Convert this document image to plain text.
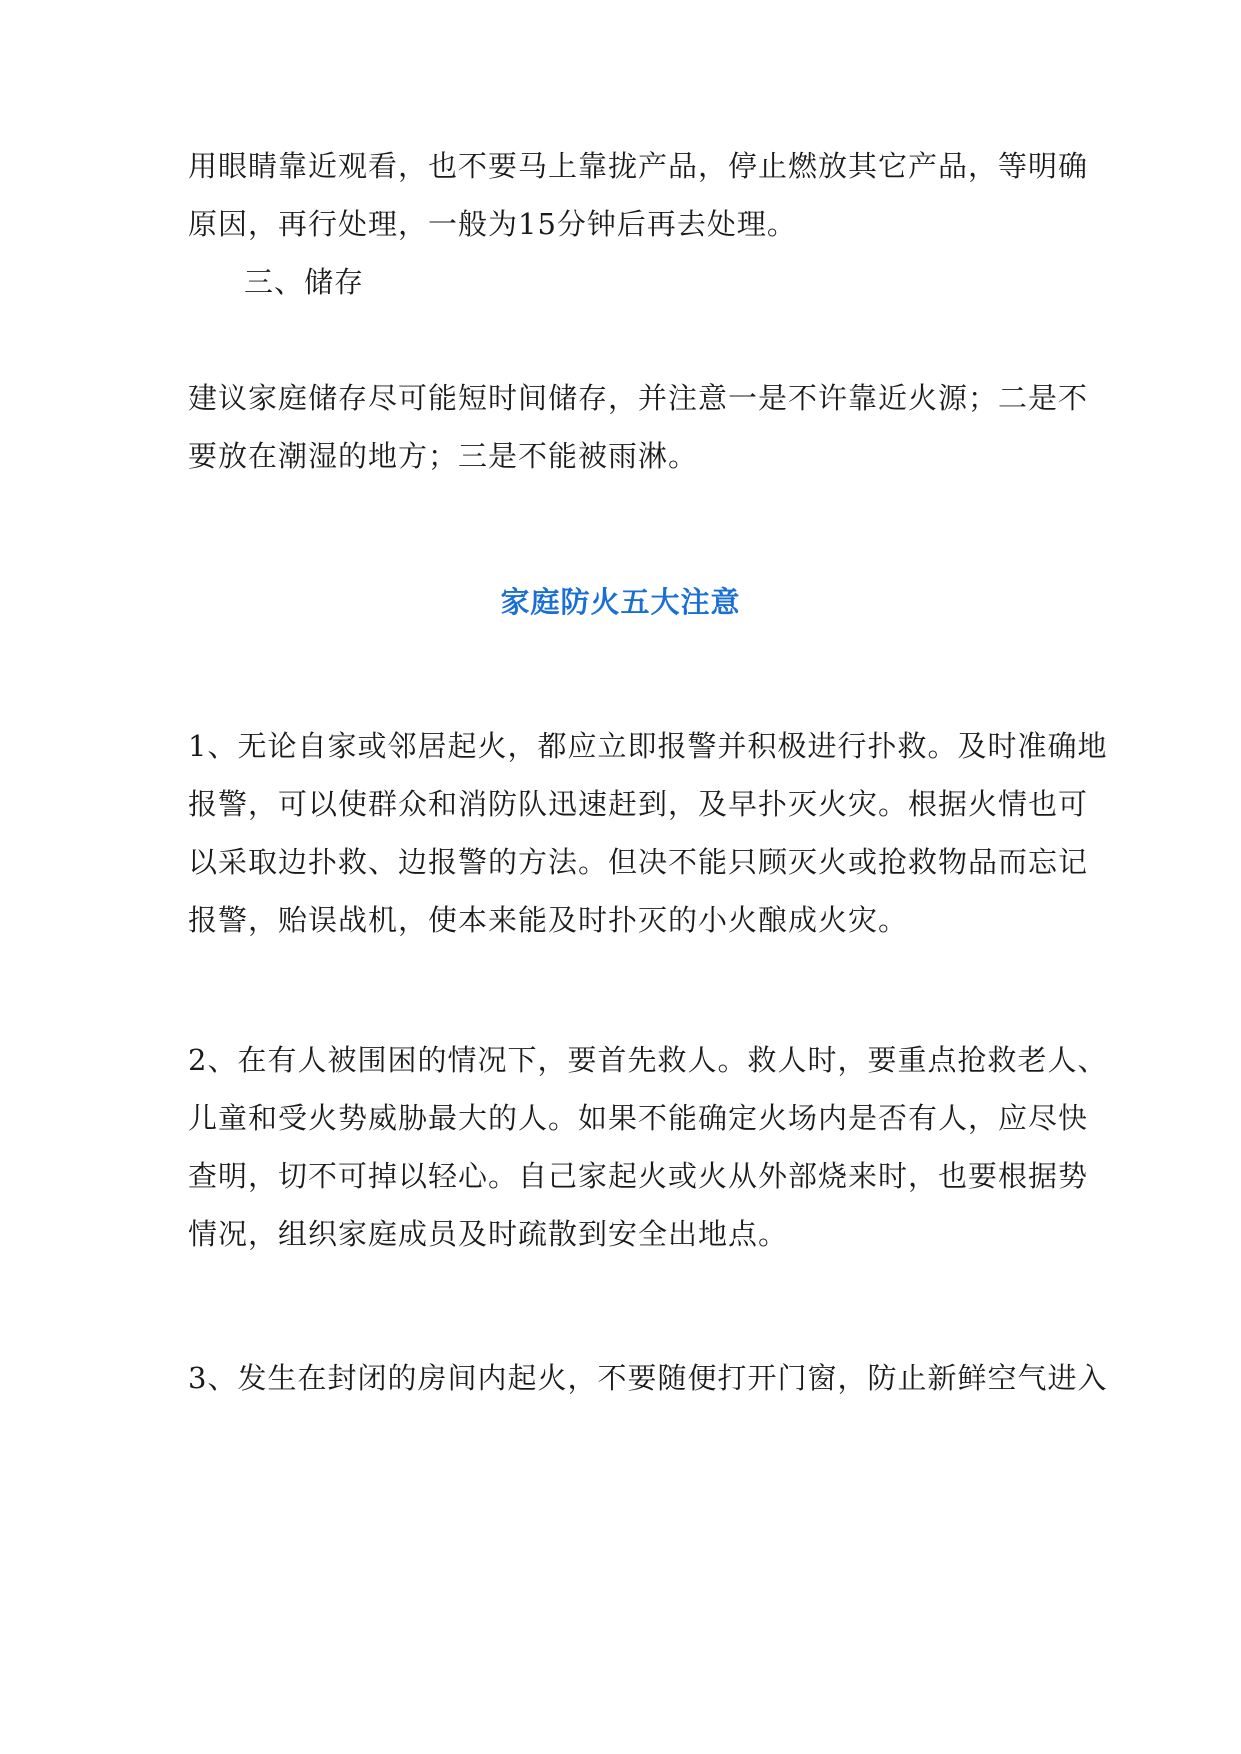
用眼睛靠近观看，也不要马上靠拢产品，停止燃放其它产品，等明确
原因，再行处理，一般为15分钟后再去处理。
三、储存
建议家庭储存尽可能短时间储存，并注意一是不许靠近火源；二是不
要放在潮湿的地方；三是不能被雨淋。
家庭防火五大注意
1、无论自家或邻居起火，都应立即报警并积极进行扑救。及时准确地
报警，可以使群众和消防队迅速赶到，及早扑灭火灾。根据火情也可
以采取边扑救、边报警的方法。但决不能只顾灭火或抢救物品而忘记
报警，贻误战机，使本来能及时扑灭的小火酿成火灾。
2、在有人被围困的情况下，要首先救人。救人时，要重点抢救老人、
儿童和受火势威胁最大的人。如果不能确定火场内是否有人，应尽快
查明，切不可掉以轻心。自己家起火或火从外部烧来时，也要根据势
情况，组织家庭成员及时疏散到安全出地点。
3、发生在封闭的房间内起火，不要随便打开门窗，防止新鲜空气进入
